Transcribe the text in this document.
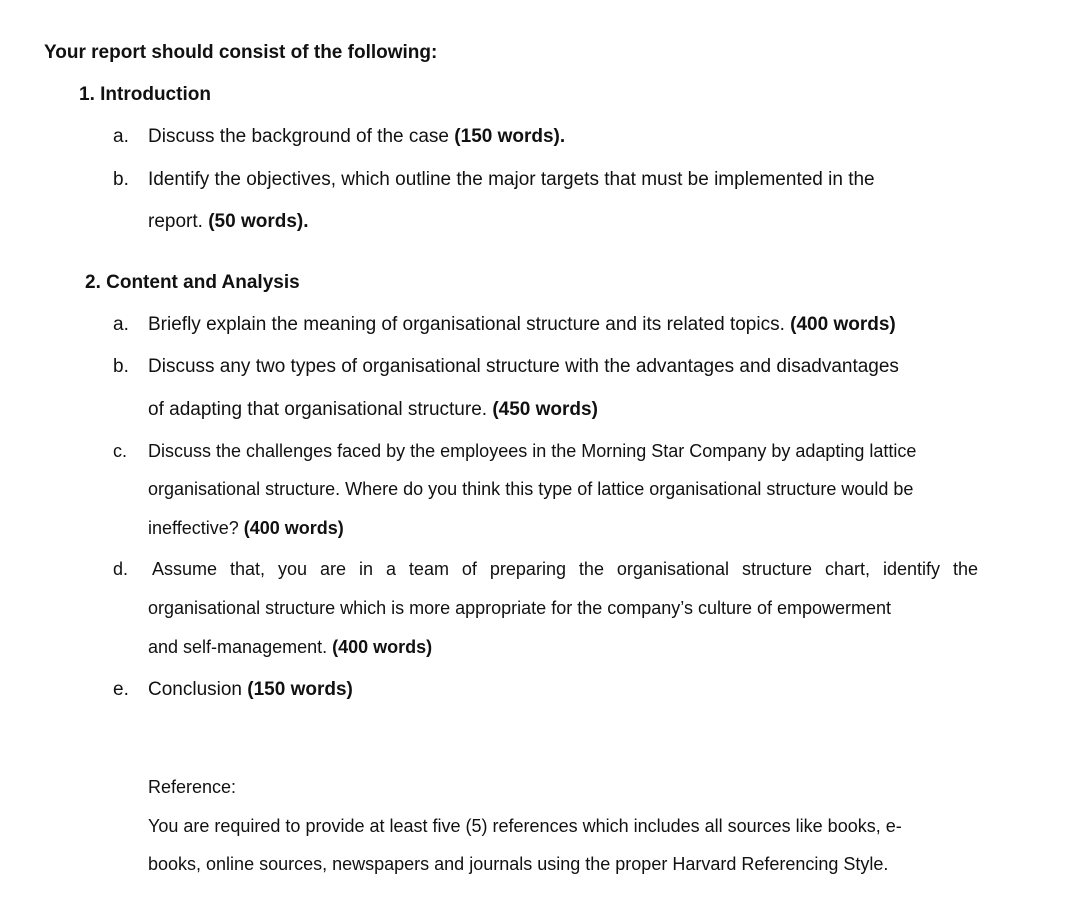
Your report should consist of the following:
1. Introduction
a. Discuss the background of the case (150 words).
b. Identify the objectives, which outline the major targets that must be implemented in the
report. (50 words).
2. Content and Analysis
a. Briefly explain the meaning of organisational structure and its related topics. (400 words)
b. Discuss any two types of organisational structure with the advantages and disadvantages
of adapting that organisational structure. (450 words)
c. Discuss the challenges faced by the employees in the Morning Star Company by adapting lattice
organisational structure. Where do you think this type of lattice organisational structure would be
ineffective? (400 words)
d. Assume that, you are in a team of preparing the organisational structure chart, identify the
organisational structure which is more appropriate for the company’s culture of empowerment
and self-management. (400 words)
e. Conclusion (150 words)
Reference:
You are required to provide at least five (5) references which includes all sources like books, e-
books, online sources, newspapers and journals using the proper Harvard Referencing Style.
